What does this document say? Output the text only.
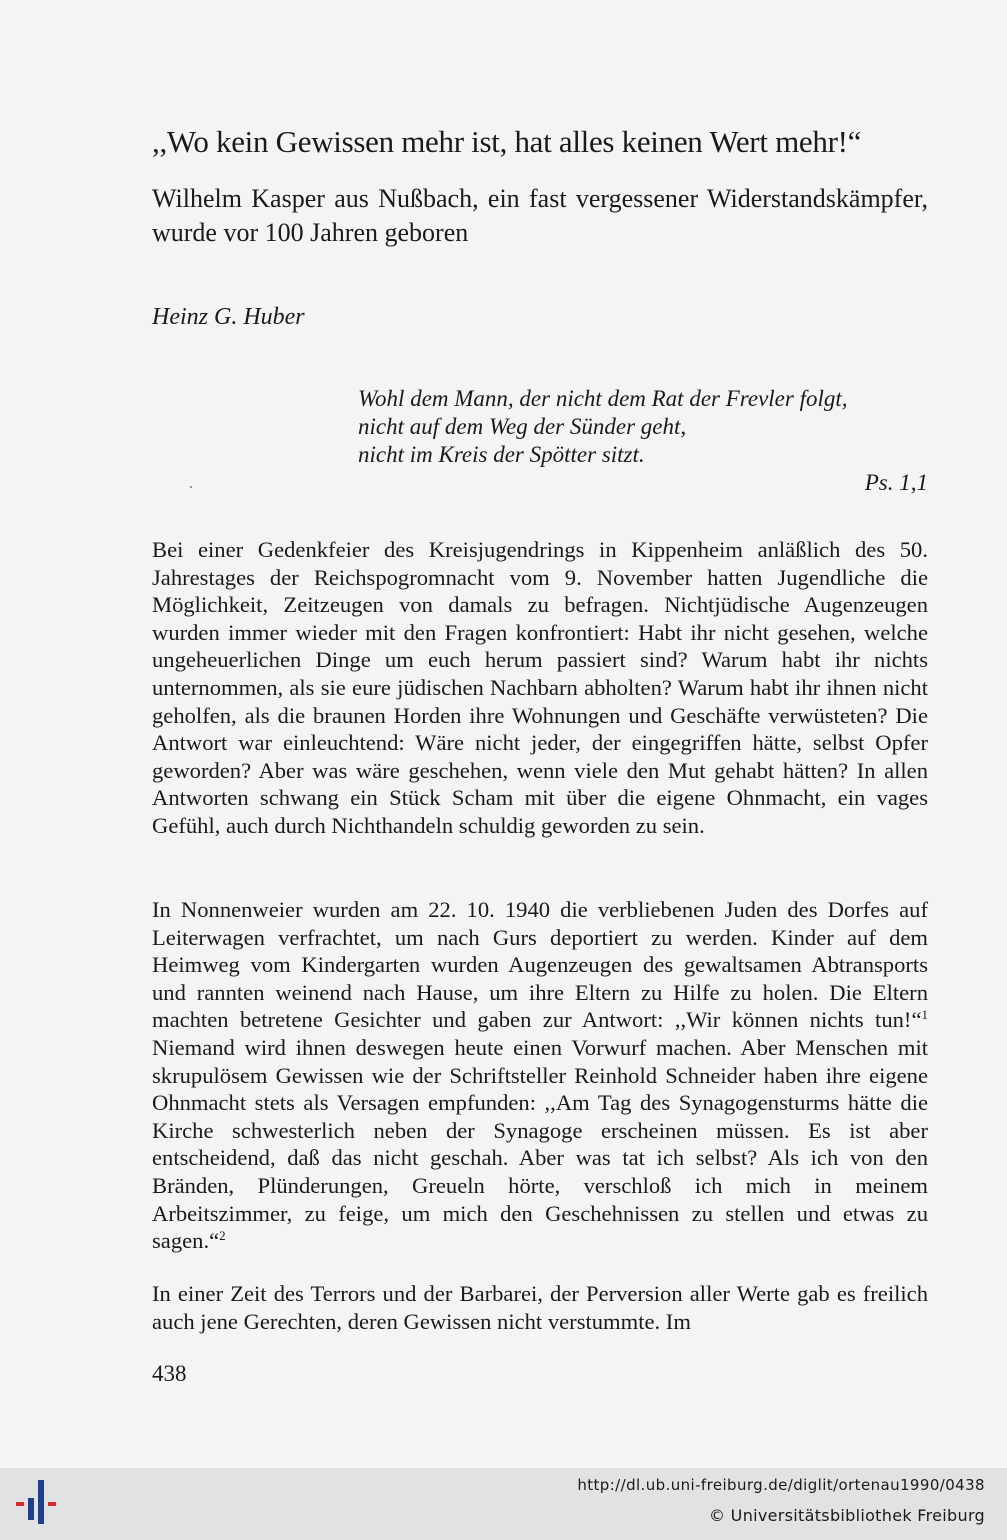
,,Wo kein Gewissen mehr ist, hat alles keinen Wert mehr!“
Wilhelm Kasper aus Nußbach, ein fast vergessener Widerstandskämpfer, wurde vor 100 Jahren geboren
Heinz G. Huber
Wohl dem Mann, der nicht dem Rat der Frevler folgt,
nicht auf dem Weg der Sünder geht,
nicht im Kreis der Spötter sitzt.
Ps. 1,1

Bei einer Gedenkfeier des Kreisjugendrings in Kippenheim anläßlich des 50. Jahrestages der Reichspogromnacht vom 9. November hatten Jugendliche die Möglichkeit, Zeitzeugen von damals zu befragen. Nichtjüdische Augenzeugen wurden immer wieder mit den Fragen konfrontiert: Habt ihr nicht gesehen, welche ungeheuerlichen Dinge um euch herum passiert sind? Warum habt ihr nichts unternommen, als sie eure jüdischen Nachbarn abholten? Warum habt ihr ihnen nicht geholfen, als die braunen Horden ihre Wohnungen und Geschäfte verwüsteten? Die Antwort war einleuchtend: Wäre nicht jeder, der eingegriffen hätte, selbst Opfer geworden? Aber was wäre geschehen, wenn viele den Mut gehabt hätten? In allen Antworten schwang ein Stück Scham mit über die eigene Ohnmacht, ein vages Gefühl, auch durch Nichthandeln schuldig geworden zu sein.

In Nonnenweier wurden am 22. 10. 1940 die verbliebenen Juden des Dorfes auf Leiterwagen verfrachtet, um nach Gurs deportiert zu werden. Kinder auf dem Heimweg vom Kindergarten wurden Augenzeugen des gewaltsamen Abtransports und rannten weinend nach Hause, um ihre Eltern zu Hilfe zu holen. Die Eltern machten betretene Gesichter und gaben zur Antwort: ,,Wir können nichts tun!“$^1$ Niemand wird ihnen deswegen heute einen Vorwurf machen. Aber Menschen mit skrupulösem Gewissen wie der Schriftsteller Reinhold Schneider haben ihre eigene Ohnmacht stets als Versagen empfunden: ,,Am Tag des Synagogensturms hätte die Kirche schwesterlich neben der Synagoge erscheinen müssen. Es ist aber entscheidend, daß das nicht geschah. Aber was tat ich selbst? Als ich von den Bränden, Plünderungen, Greueln hörte, verschloß ich mich in meinem Arbeitszimmer, zu feige, um mich den Geschehnissen zu stellen und etwas zu sagen.“$^2$

In einer Zeit des Terrors und der Barbarei, der Perversion aller Werte gab es freilich auch jene Gerechten, deren Gewissen nicht verstummte. Im

438
http://dl.ub.uni-freiburg.de/diglit/ortenau1990/0438
© Universitätsbibliothek Freiburg
